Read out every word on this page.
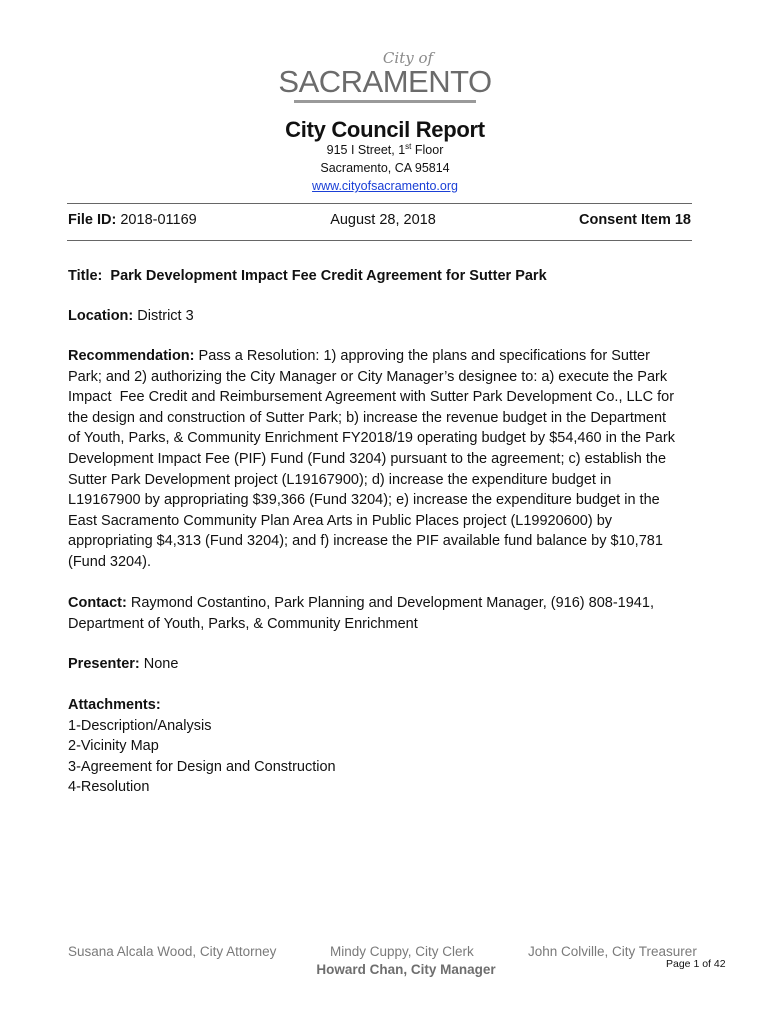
City of
SACRAMENTO
City Council Report
915 I Street, 1st Floor
Sacramento, CA 95814
www.cityofsacramento.org
File ID: 2018-01169	August 28, 2018	Consent Item 18
Title:  Park Development Impact Fee Credit Agreement for Sutter Park
Location: District 3
Recommendation: Pass a Resolution: 1) approving the plans and specifications for Sutter
Park; and 2) authorizing the City Manager or City Manager’s designee to: a) execute the Park
Impact  Fee Credit and Reimbursement Agreement with Sutter Park Development Co., LLC for
the design and construction of Sutter Park; b) increase the revenue budget in the Department
of Youth, Parks, & Community Enrichment FY2018/19 operating budget by $54,460 in the Park
Development Impact Fee (PIF) Fund (Fund 3204) pursuant to the agreement; c) establish the
Sutter Park Development project (L19167900); d) increase the expenditure budget in
L19167900 by appropriating $39,366 (Fund 3204); e) increase the expenditure budget in the
East Sacramento Community Plan Area Arts in Public Places project (L19920600) by
appropriating $4,313 (Fund 3204); and f) increase the PIF available fund balance by $10,781
(Fund 3204).
Contact: Raymond Costantino, Park Planning and Development Manager, (916) 808-1941,
Department of Youth, Parks, & Community Enrichment
Presenter: None
Attachments:
1-Description/Analysis
2-Vicinity Map
3-Agreement for Design and Construction
4-Resolution
Susana Alcala Wood, City Attorney	Mindy Cuppy, City Clerk	John Colville, City Treasurer
Page 1 of 42
Howard Chan, City Manager
